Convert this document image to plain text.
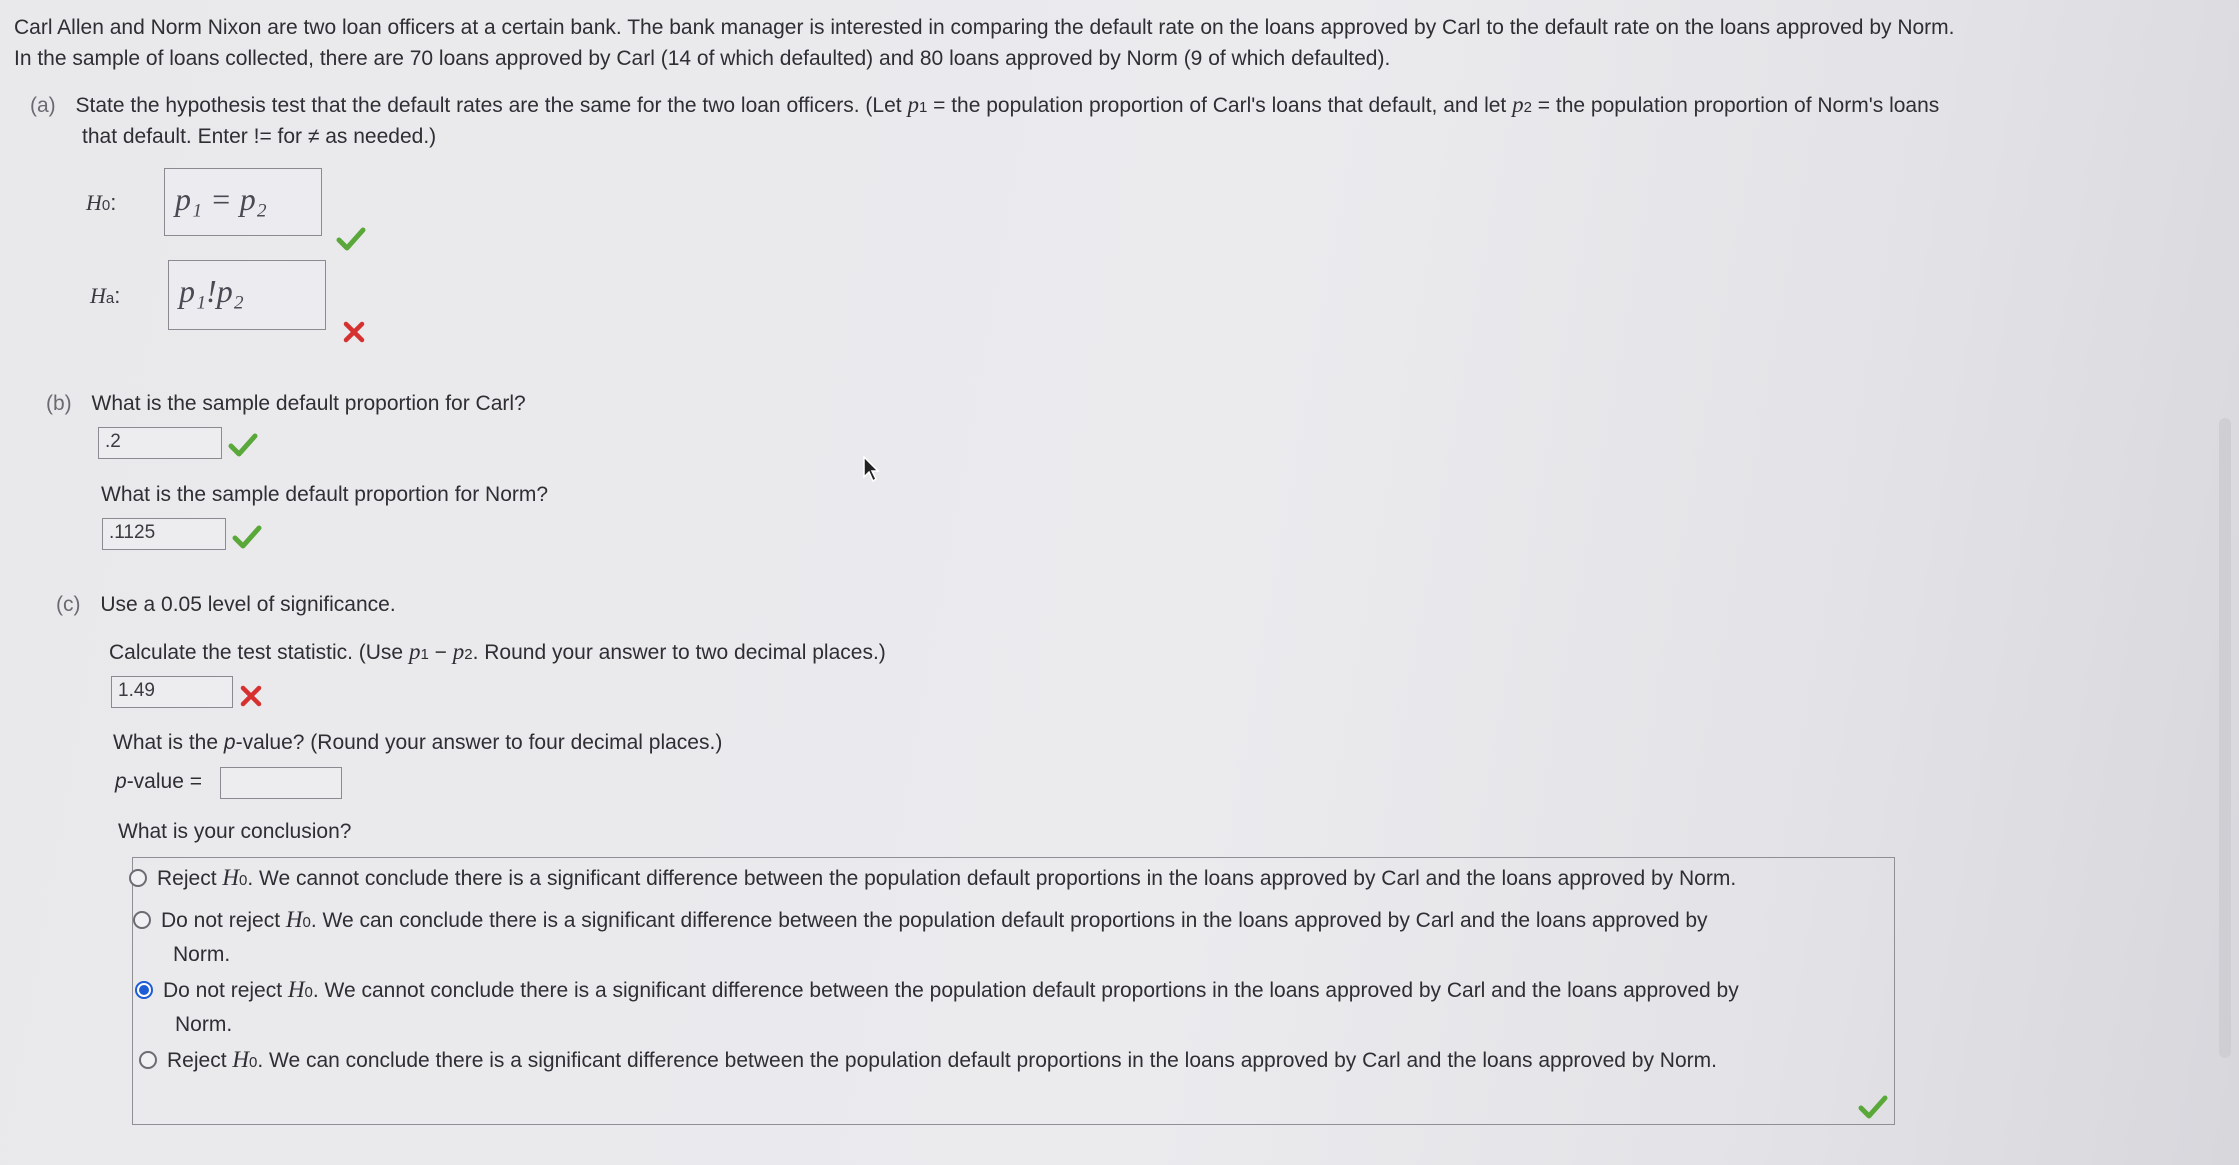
Carl Allen and Norm Nixon are two loan officers at a certain bank. The bank manager is interested in comparing the default rate on the loans approved by Carl to the default rate on the loans approved by Norm.
In the sample of loans collected, there are 70 loans approved by Carl (14 of which defaulted) and 80 loans approved by Norm (9 of which defaulted).
(a) State the hypothesis test that the default rates are the same for the two loan officers. (Let p1 = the population proportion of Carl's loans that default, and let p2 = the population proportion of Norm's loans
that default. Enter != for ≠ as needed.)
H0:	p₁ = p₂
Ha:	p₁!p₂
(b) What is the sample default proportion for Carl?
.2
What is the sample default proportion for Norm?
.1125
(c) Use a 0.05 level of significance.
Calculate the test statistic. (Use p1 − p2. Round your answer to two decimal places.)
1.49
What is the p-value? (Round your answer to four decimal places.)
p-value =
What is your conclusion?
Reject H0. We cannot conclude there is a significant difference between the population default proportions in the loans approved by Carl and the loans approved by Norm.
Do not reject H0. We can conclude there is a significant difference between the population default proportions in the loans approved by Carl and the loans approved by
Norm.
Do not reject H0. We cannot conclude there is a significant difference between the population default proportions in the loans approved by Carl and the loans approved by
Norm.
Reject H0. We can conclude there is a significant difference between the population default proportions in the loans approved by Carl and the loans approved by Norm.
